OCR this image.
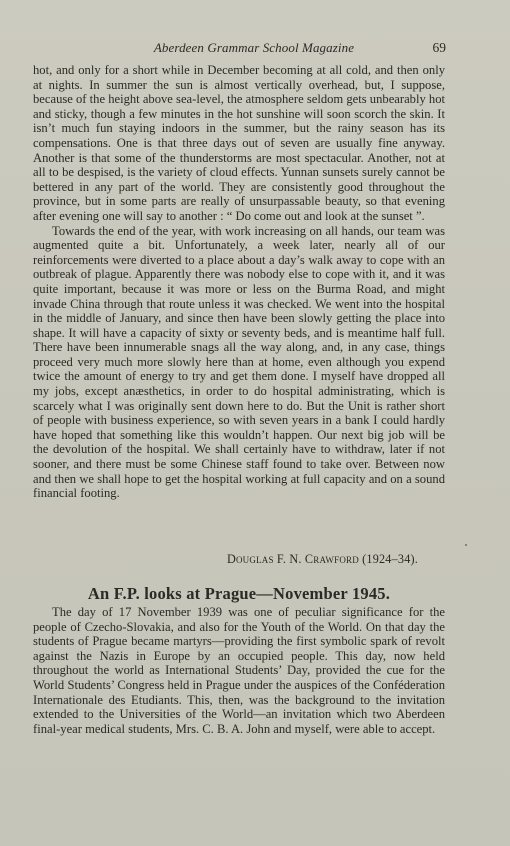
Aberdeen Grammar School Magazine	69

hot, and only for a short while in December becoming at all cold, and then only at nights. In summer the sun is almost vertically overhead, but, I suppose, because of the height above sea-level, the atmosphere seldom gets unbearably hot and sticky, though a few minutes in the hot sunshine will soon scorch the skin. It isn’t much fun staying indoors in the summer, but the rainy season has its compensations. One is that three days out of seven are usually fine anyway. Another is that some of the thunderstorms are most spectacular. Another, not at all to be despised, is the variety of cloud effects. Yunnan sunsets surely cannot be bettered in any part of the world. They are consistently good throughout the province, but in some parts are really of unsurpassable beauty, so that evening after evening one will say to another : “ Do come out and look at the sunset ”.

Towards the end of the year, with work increasing on all hands, our team was augmented quite a bit. Unfortunately, a week later, nearly all of our reinforcements were diverted to a place about a day’s walk away to cope with an outbreak of plague. Apparently there was nobody else to cope with it, and it was quite important, because it was more or less on the Burma Road, and might invade China through that route unless it was checked. We went into the hospital in the middle of January, and since then have been slowly getting the place into shape. It will have a capacity of sixty or seventy beds, and is meantime half full. There have been innumerable snags all the way along, and, in any case, things proceed very much more slowly here than at home, even although you expend twice the amount of energy to try and get them done. I myself have dropped all my jobs, except anæsthetics, in order to do hospital administrating, which is scarcely what I was originally sent down here to do. But the Unit is rather short of people with business experience, so with seven years in a bank I could hardly have hoped that something like this wouldn’t happen. Our next big job will be the devolution of the hospital. We shall certainly have to withdraw, later if not sooner, and there must be some Chinese staff found to take over. Between now and then we shall hope to get the hospital working at full capacity and on a sound financial footing.

Douglas F. N. Crawford (1924–34).
An F.P. looks at Prague—November 1945.

The day of 17 November 1939 was one of peculiar significance for the people of Czecho-Slovakia, and also for the Youth of the World. On that day the students of Prague became martyrs—providing the first symbolic spark of revolt against the Nazis in Europe by an occupied people. This day, now held throughout the world as International Students’ Day, provided the cue for the World Students’ Congress held in Prague under the auspices of the Conféderation Internationale des Etudiants. This, then, was the background to the invitation extended to the Universities of the World—an invitation which two Aberdeen final-year medical students, Mrs. C. B. A. John and myself, were able to accept.
